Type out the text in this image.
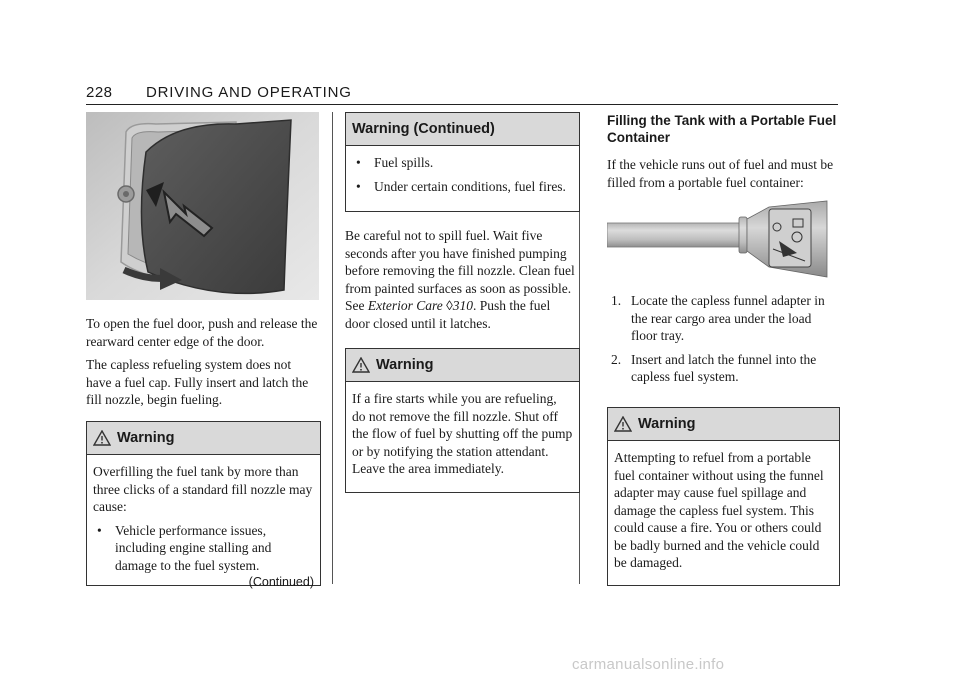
228 DRIVING AND OPERATING

To open the fuel door, push and release the rearward center edge of the door.

The capless refueling system does not have a fuel cap. Fully insert and latch the fill nozzle, begin fueling.

Warning

Overfilling the fuel tank by more than three clicks of a standard fill nozzle may cause:

• Vehicle performance issues, including engine stalling and damage to the fuel system.
(Continued)
Warning (Continued)
• Fuel spills.
• Under certain conditions, fuel fires.

Be careful not to spill fuel. Wait five seconds after you have finished pumping before removing the fill nozzle. Clean fuel from painted surfaces as soon as possible. See Exterior Care ◊310. Push the fuel door closed until it latches.

Warning

If a fire starts while you are refueling, do not remove the fill nozzle. Shut off the flow of fuel by shutting off the pump or by notifying the station attendant. Leave the area immediately.

Filling the Tank with a Portable Fuel Container

If the vehicle runs out of fuel and must be filled from a portable fuel container:

1. Locate the capless funnel adapter in the rear cargo area under the load floor tray.
2. Insert and latch the funnel into the capless fuel system.
Warning

Attempting to refuel from a portable fuel container without using the funnel adapter may cause fuel spillage and damage the capless fuel system. This could cause a fire. You or others could be badly burned and the vehicle could be damaged.

carmanualsonline.info
